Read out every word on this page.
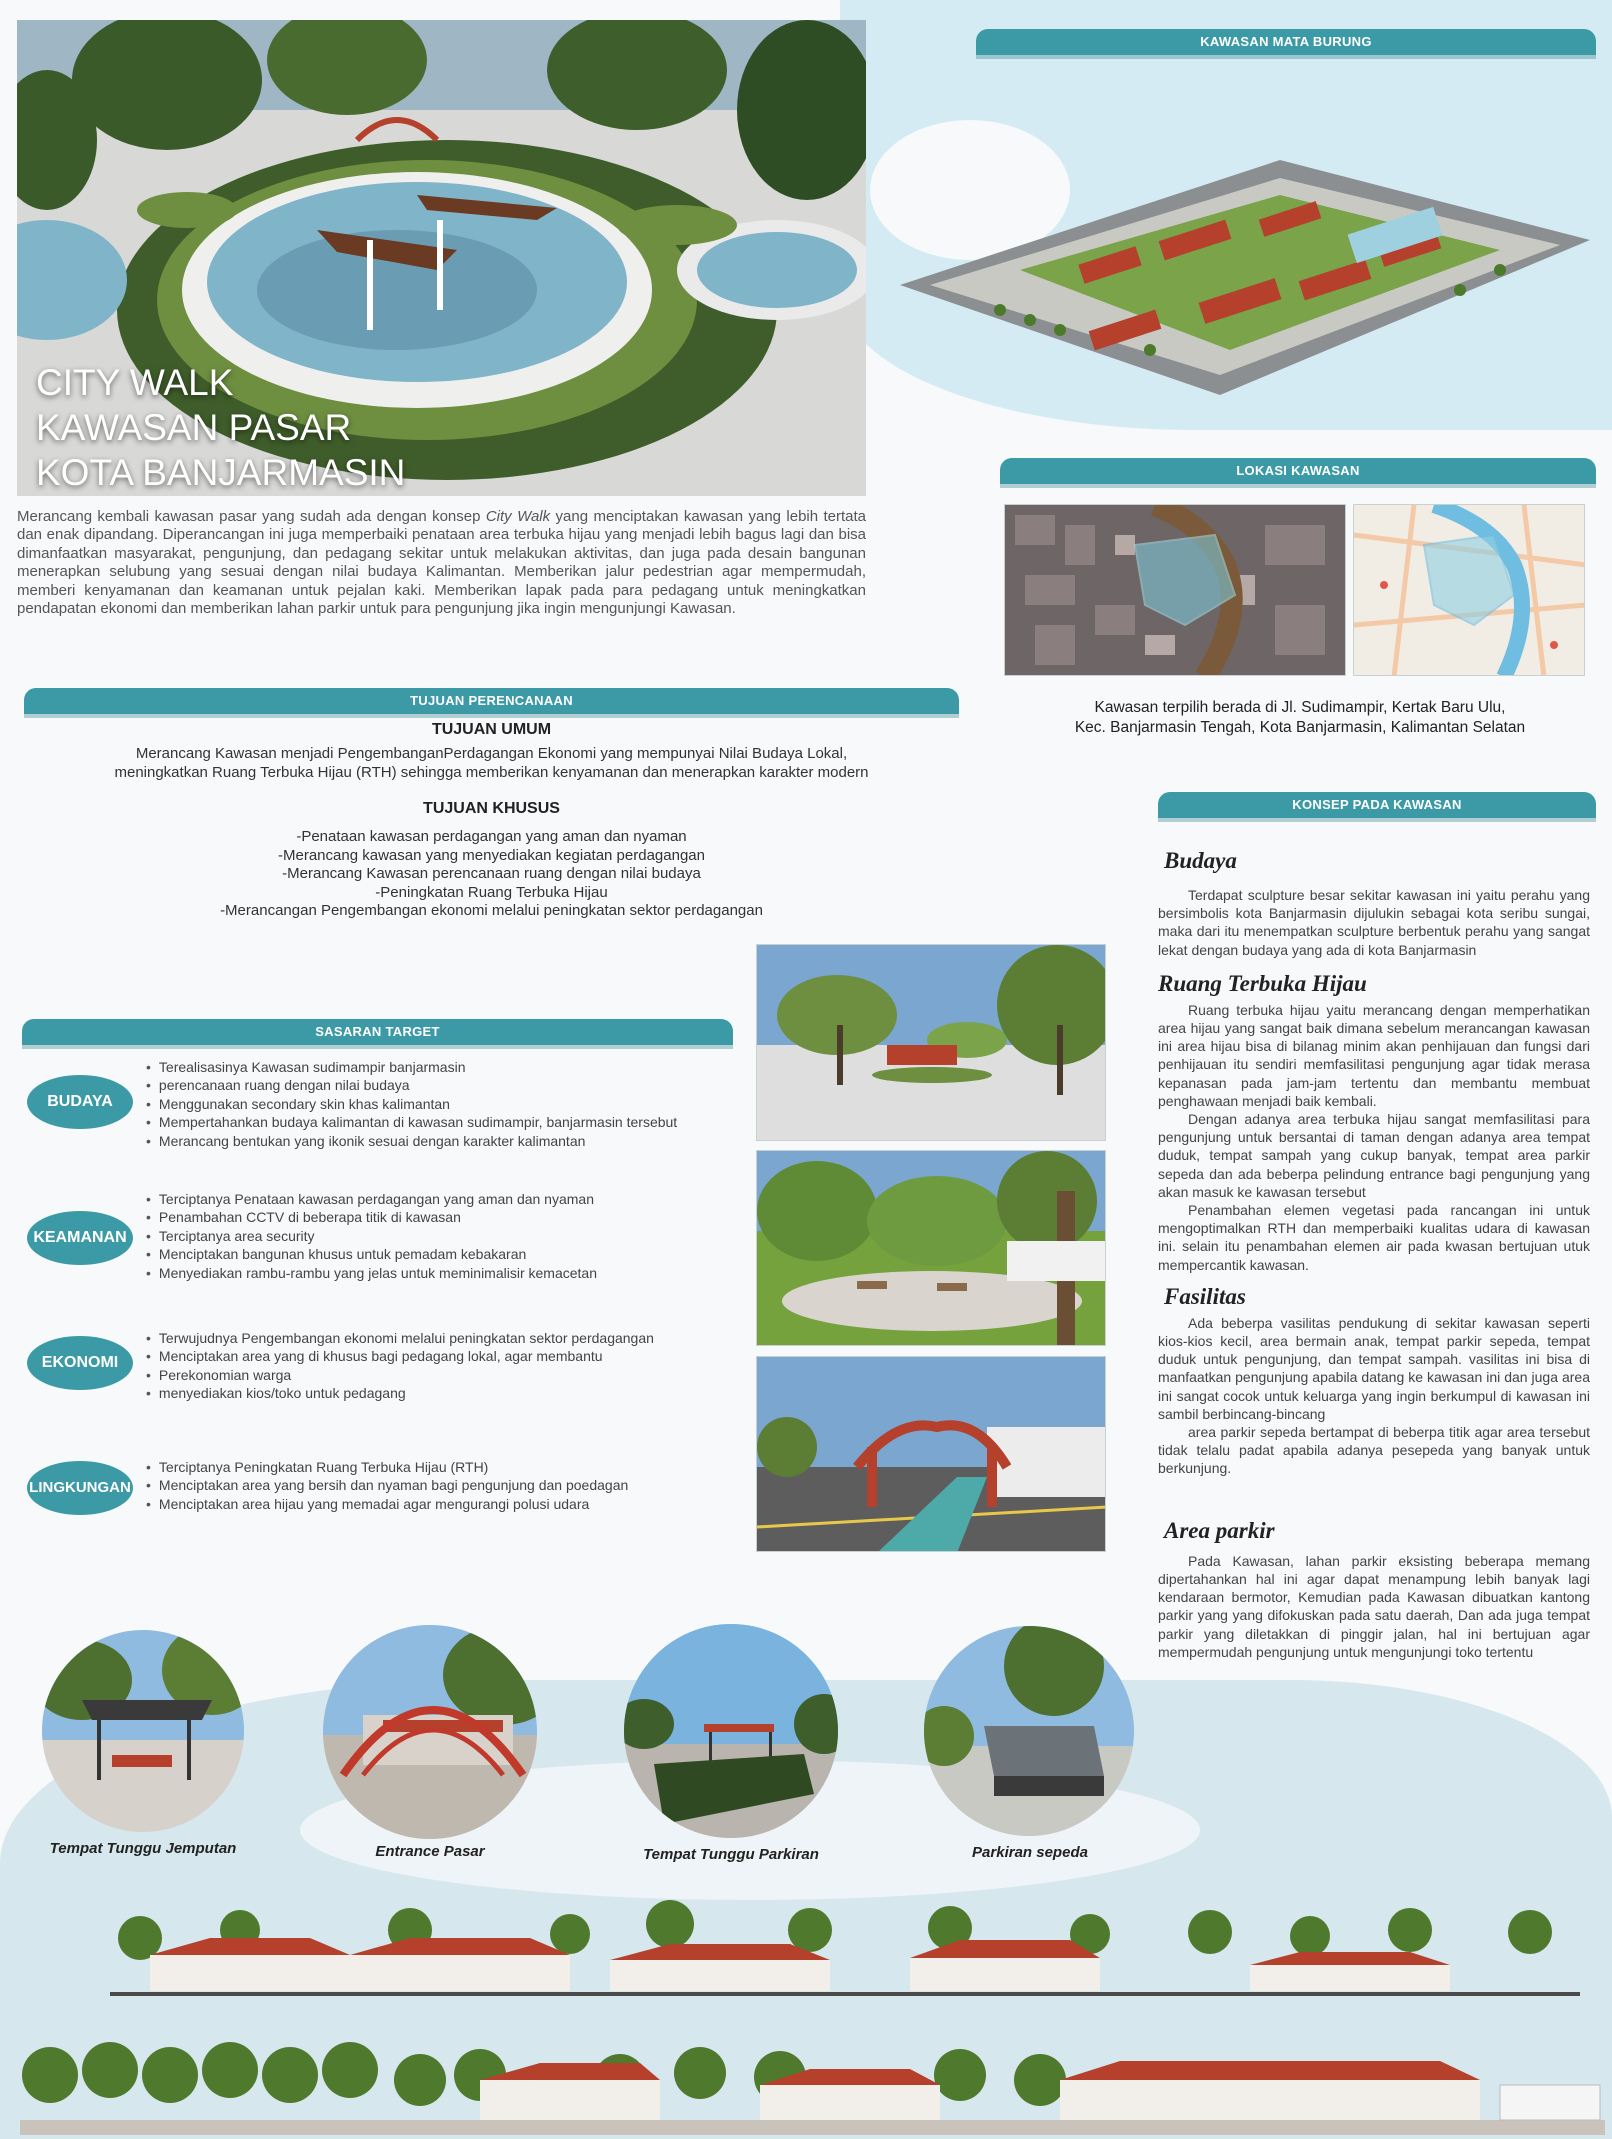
CITY WALK
KAWASAN PASAR
KOTA BANJARMASIN

Merancang kembali kawasan pasar yang sudah ada dengan konsep City Walk yang menciptakan kawasan yang lebih tertata dan enak dipandang. Diperancangan ini juga memperbaiki penataan area terbuka hijau yang menjadi lebih bagus lagi dan bisa dimanfaatkan masyarakat, pengunjung, dan pedagang sekitar untuk melakukan aktivitas, dan juga pada desain bangunan menerapkan selubung yang sesuai dengan nilai budaya Kalimantan. Memberikan jalur pedestrian agar mempermudah, memberi kenyamanan dan keamanan untuk pejalan kaki. Memberikan lapak pada para pedagang untuk meningkatkan pendapatan ekonomi dan memberikan lahan parkir untuk para pengunjung jika ingin mengunjungi Kawasan.

KAWASAN MATA BURUNG
LOKASI KAWASAN
Kawasan terpilih berada di Jl. Sudimampir, Kertak Baru Ulu,
Kec. Banjarmasin Tengah, Kota Banjarmasin, Kalimantan Selatan
TUJUAN PERENCANAAN
TUJUAN UMUM
Merancang Kawasan menjadi PengembanganPerdagangan Ekonomi yang mempunyai Nilai Budaya Lokal,
meningkatkan Ruang Terbuka Hijau (RTH) sehingga memberikan kenyamanan dan menerapkan karakter modern
TUJUAN KHUSUS
-Penataan kawasan perdagangan yang aman dan nyaman
-Merancang kawasan yang menyediakan kegiatan perdagangan
-Merancang Kawasan perencanaan ruang dengan nilai budaya
-Peningkatan Ruang Terbuka Hijau
-Merancangan Pengembangan ekonomi melalui peningkatan sektor perdagangan
KONSEP PADA KAWASAN
Budaya

Terdapat sculpture besar sekitar kawasan ini yaitu perahu yang bersimbolis kota Banjarmasin dijulukin sebagai kota seribu sungai, maka dari itu menempatkan sculpture berbentuk perahu yang sangat lekat dengan budaya yang ada di kota Banjarmasin

Ruang Terbuka Hijau

Ruang terbuka hijau yaitu merancang dengan memperhatikan area hijau yang sangat baik dimana sebelum merancangan kawasan ini area hijau bisa di bilanag minim akan penhijauan dan fungsi dari penhijauan itu sendiri memfasilitasi pengunjung agar tidak merasa kepanasan pada jam-jam tertentu dan membantu membuat penghawaan menjadi baik kembali.

Dengan adanya area terbuka hijau sangat memfasilitasi para pengunjung untuk bersantai di taman dengan adanya area tempat duduk, tempat sampah yang cukup banyak, tempat area parkir sepeda dan ada beberpa pelindung entrance bagi pengunjung yang akan masuk ke kawasan tersebut

Penambahan elemen vegetasi pada rancangan ini untuk mengoptimalkan RTH dan memperbaiki kualitas udara di kawasan ini. selain itu penambahan elemen air pada kwasan bertujuan utuk mempercantik kawasan.

Fasilitas

Ada beberpa vasilitas pendukung di sekitar kawasan seperti kios-kios kecil, area bermain anak, tempat parkir sepeda, tempat duduk untuk pengunjung, dan tempat sampah. vasilitas ini bisa di manfaatkan pengunjung apabila datang ke kawasan ini dan juga area ini sangat cocok untuk keluarga yang ingin berkumpul di kawasan ini sambil berbincang-bincang

area parkir sepeda bertampat di beberpa titik agar area tersebut tidak telalu padat apabila adanya pesepeda yang banyak untuk berkunjung.

Area parkir

Pada Kawasan, lahan parkir eksisting beberapa memang dipertahankan hal ini agar dapat menampung lebih banyak lagi kendaraan bermotor, Kemudian pada Kawasan dibuatkan kantong parkir yang yang difokuskan pada satu daerah, Dan ada juga tempat parkir yang diletakkan di pinggir jalan, hal ini bertujuan agar mempermudah pengunjung untuk mengunjungi toko tertentu

SASARAN TARGET
BUDAYA
• Terealisasinya Kawasan sudimampir banjarmasin
• perencanaan ruang dengan nilai budaya
• Menggunakan secondary skin khas kalimantan
• Mempertahankan budaya kalimantan di kawasan sudimampir, banjarmasin tersebut
• Merancang bentukan yang ikonik sesuai dengan karakter kalimantan
KEAMANAN
• Terciptanya Penataan kawasan perdagangan yang aman dan nyaman
• Penambahan CCTV di beberapa titik di kawasan
• Terciptanya area security
• Menciptakan bangunan khusus untuk pemadam kebakaran
• Menyediakan rambu-rambu yang jelas untuk meminimalisir kemacetan
EKONOMI
• Terwujudnya Pengembangan ekonomi melalui peningkatan sektor perdagangan
• Menciptakan area yang di khusus bagi pedagang lokal, agar membantu
• Perekonomian warga
• menyediakan kios/toko untuk pedagang
LINGKUNGAN
• Terciptanya Peningkatan Ruang Terbuka Hijau (RTH)
• Menciptakan area yang bersih dan nyaman bagi pengunjung dan poedagan
• Menciptakan area hijau yang memadai agar mengurangi polusi udara
Tempat Tunggu Jemputan	Entrance Pasar	Tempat Tunggu Parkiran	Parkiran sepeda
